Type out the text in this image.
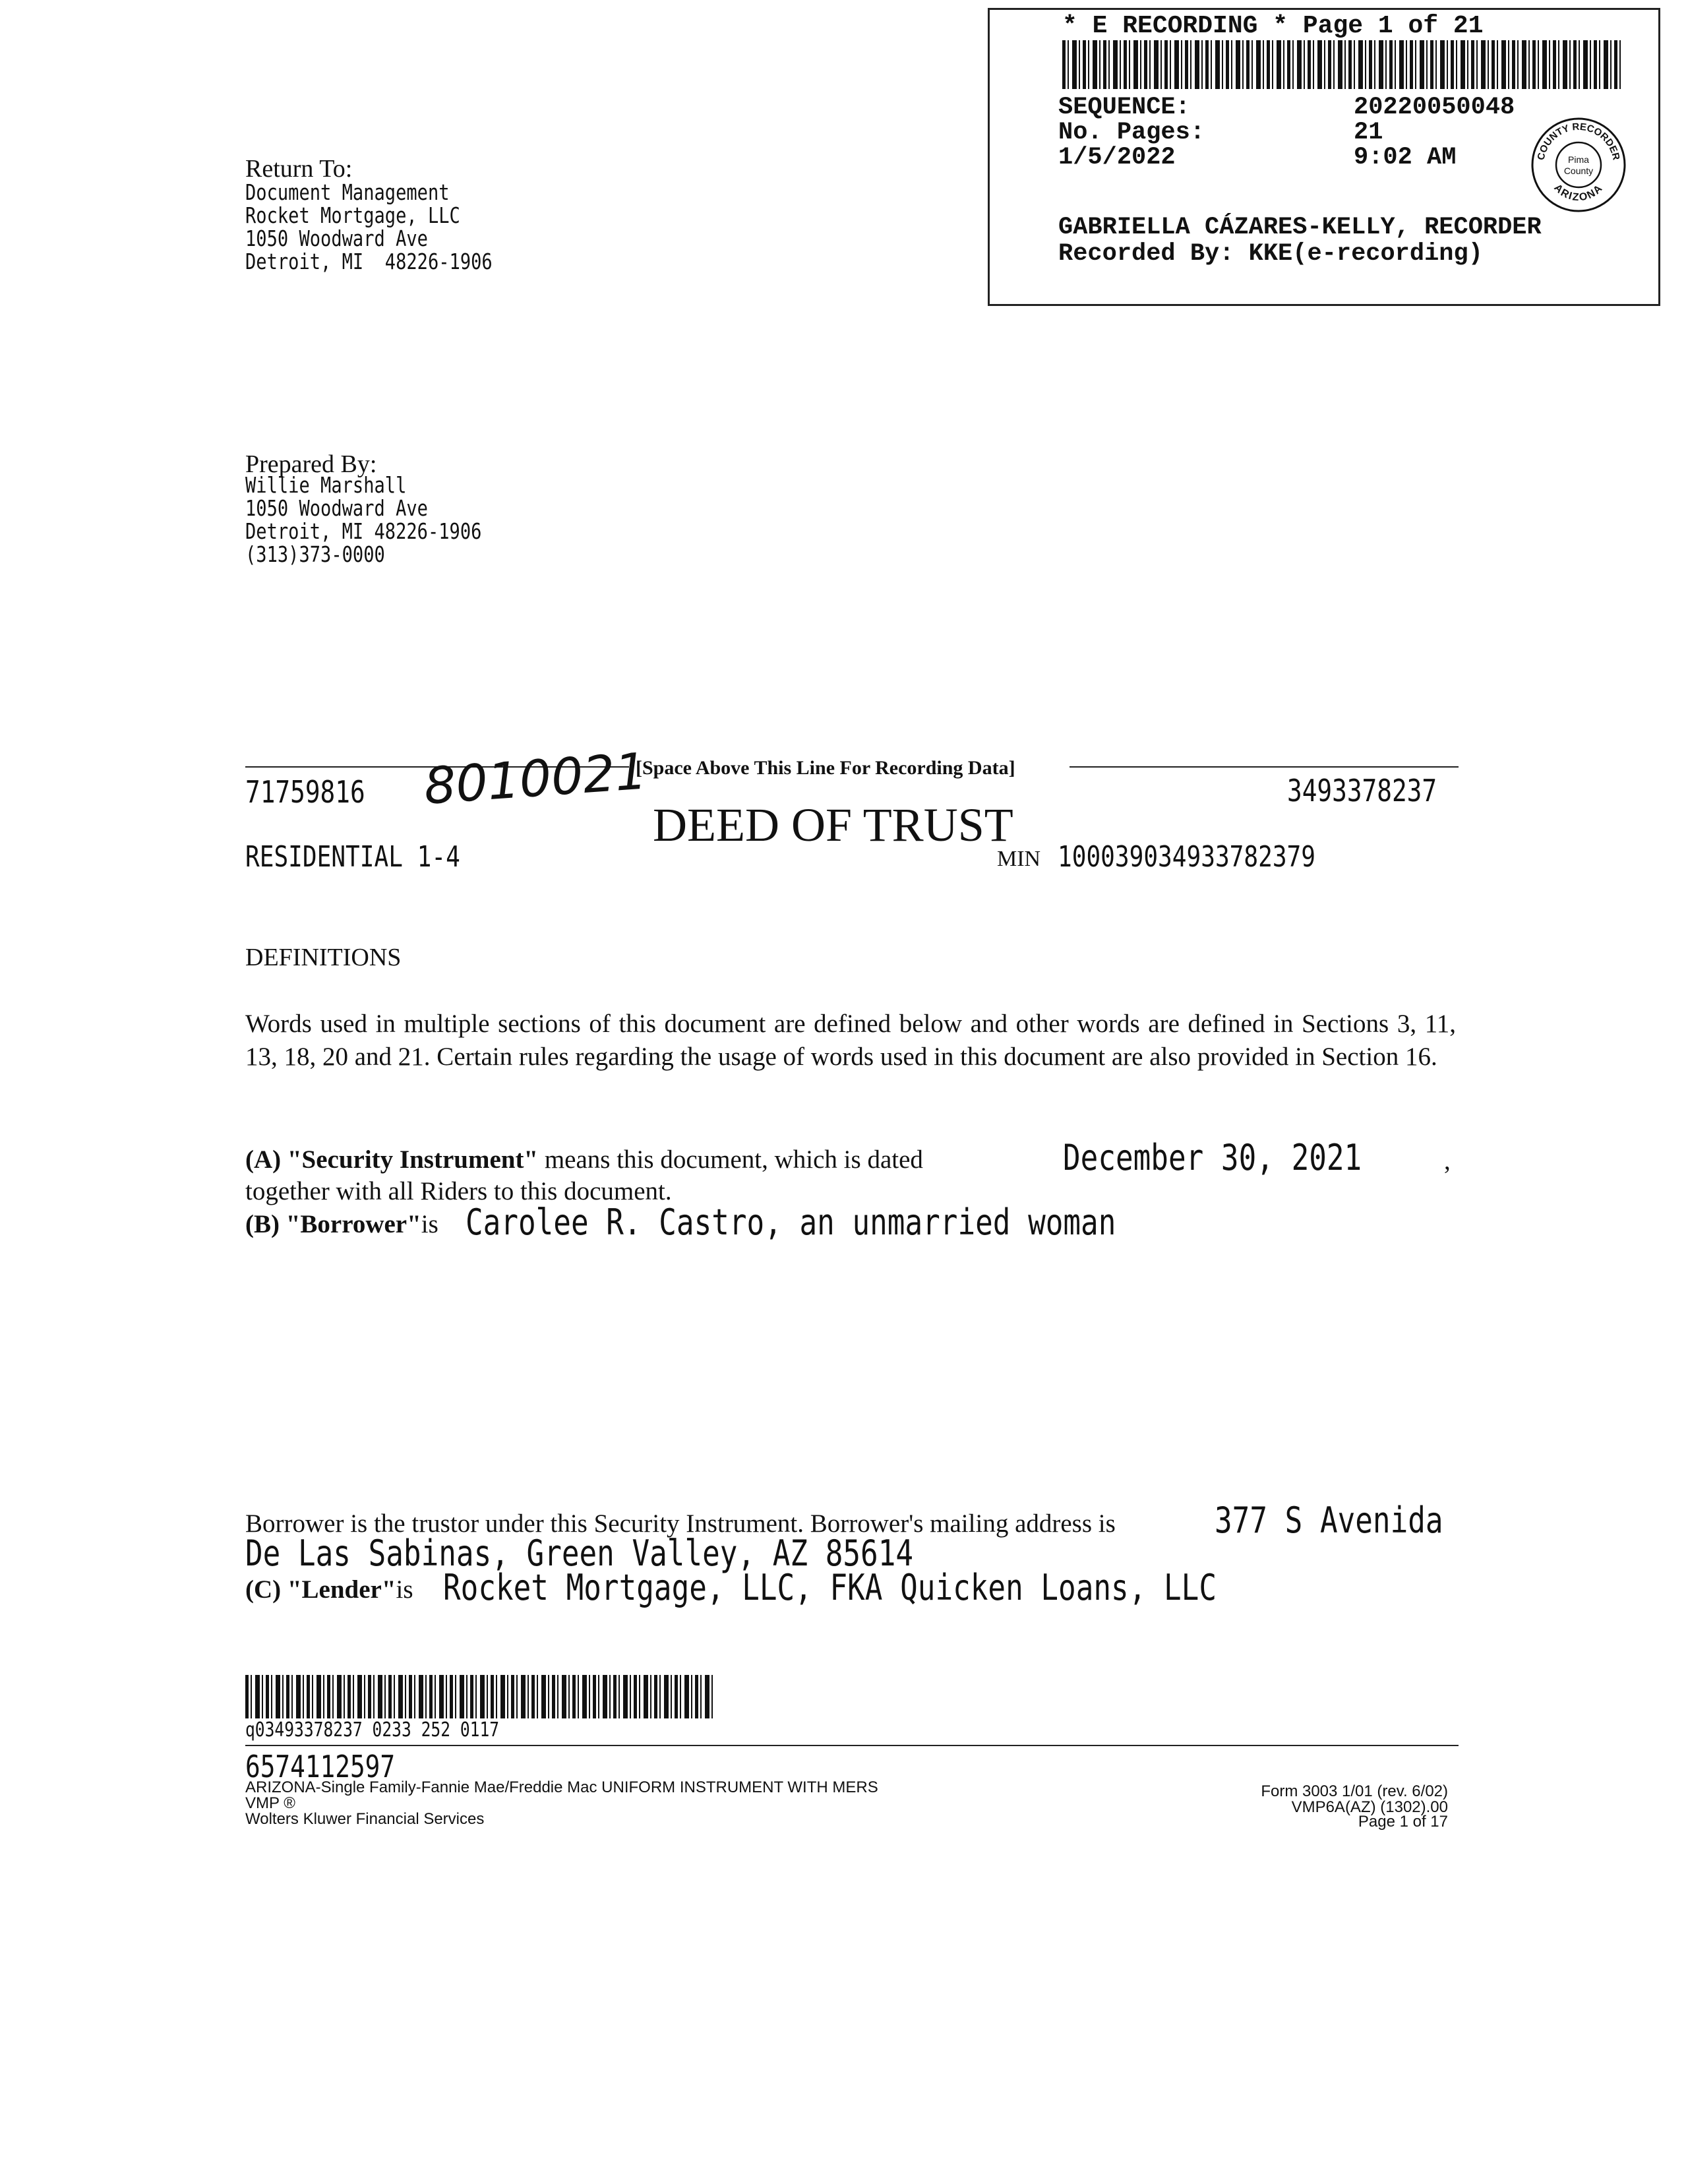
* E RECORDING * Page 1 of 21
SEQUENCE:	20220050048
No. Pages:	21
1/5/2022	9:02 AM	COUNTY RECORDER
ARIZONA
Pima
County
GABRIELLA CÁZARES-KELLY, RECORDER
Recorded By: KKE(e-recording)
Return To:
Document Management
Rocket Mortgage, LLC
1050 Woodward Ave
Detroit, MI  48226-1906
Prepared By:
Willie Marshall
1050 Woodward Ave
Detroit, MI 48226-1906
(313)373-0000
71759816 8010021
[Space Above This Line For Recording Data]
3493378237
DEED OF TRUST
RESIDENTIAL 1-4	MIN 100039034933782379
DEFINITIONS
Words used in multiple sections of this document are defined below and other words are defined in Sections 3, 11, 13, 18, 20 and 21. Certain rules regarding the usage of words used in this document are also provided in Section 16.
(A) "Security Instrument" means this document, which is dated	December 30, 2021	,
together with all Riders to this document.
(B) "Borrower"is Carolee R. Castro, an unmarried woman
Borrower is the trustor under this Security Instrument. Borrower's mailing address is	377 S Avenida
De Las Sabinas, Green Valley, AZ 85614
(C) "Lender"is Rocket Mortgage, LLC, FKA Quicken Loans, LLC
q03493378237 0233 252 0117
6574112597
ARIZONA-Single Family-Fannie Mae/Freddie Mac UNIFORM INSTRUMENT WITH MERS
VMP ®
Wolters Kluwer Financial Services
Form 3003 1/01 (rev. 6/02)
VMP6A(AZ) (1302).00
Page 1 of 17
